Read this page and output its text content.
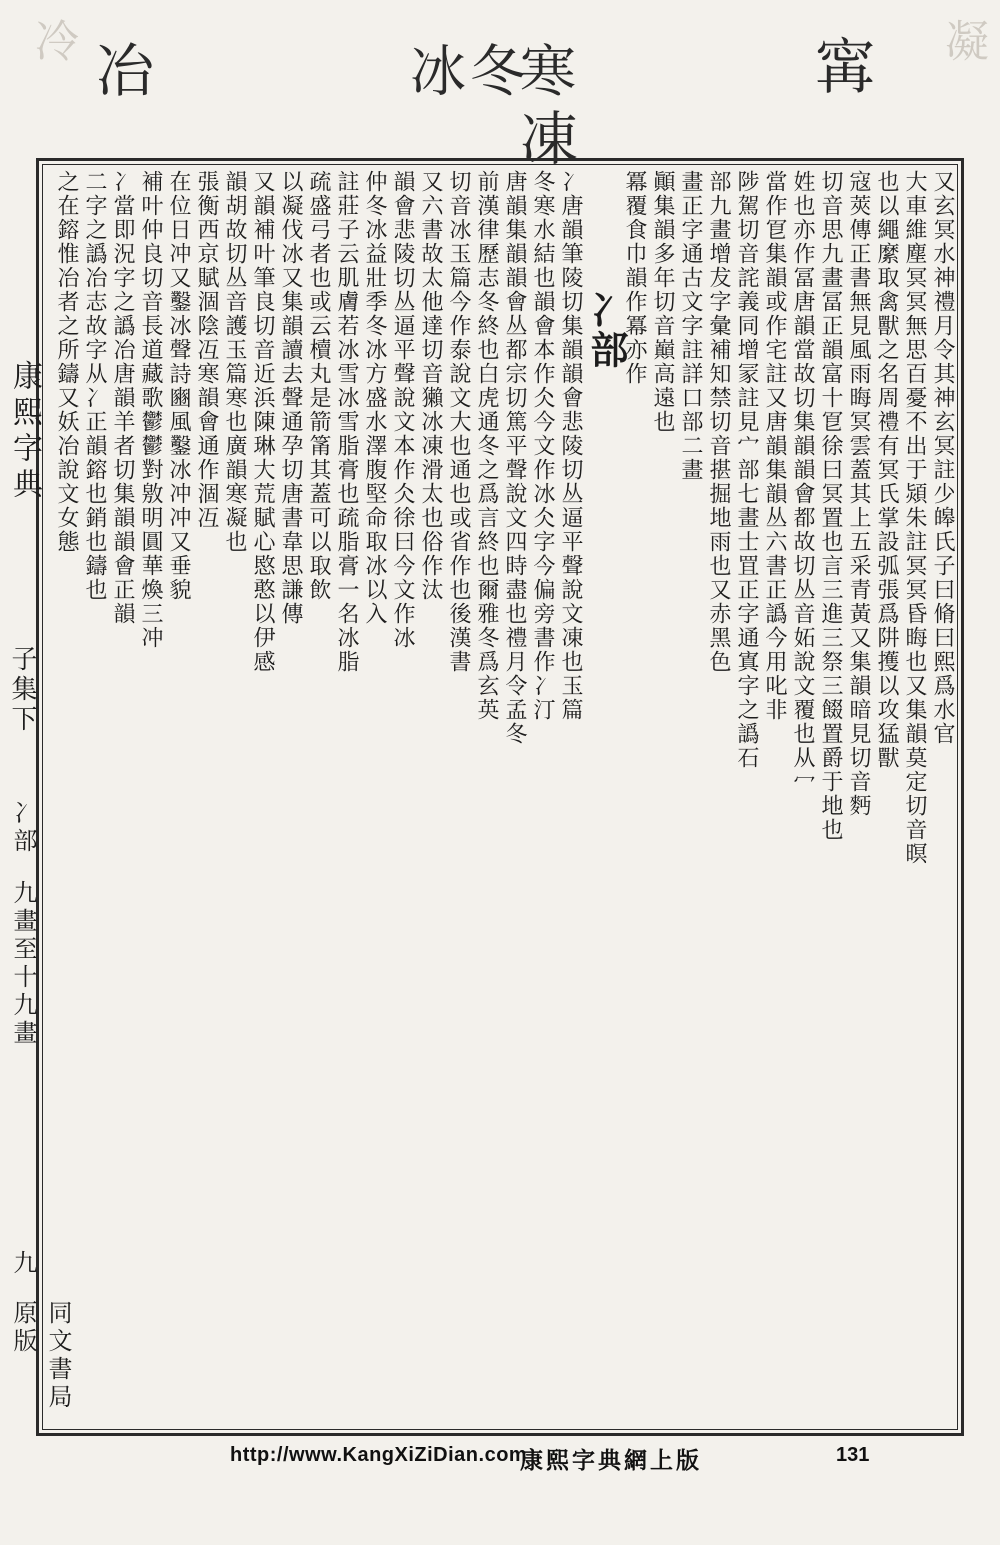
𡩋
冰 冬
寒
凍
冶
冷	凝
康熙字典
子集下
冫部
九畫至十九畫
九
同文書局原版
又玄冥水神禮月令其神玄冥註少皞氏子曰脩曰熙爲水官
大車維塵冥冥無思百憂不出于熲朱註冥冥昏晦也又集韻莫定切音暝
也以繩縻取禽獸之名周禮有冥氏掌設弧張爲阱擭以攻猛獸
寇莢傳正書無見風雨晦冥雲蓋其上五采青黃又集韻暗見切音麪
切音思九畫冨正韻富十冟徐曰冥置也言三進三祭三餟置爵于地也
姓也亦作冨唐韻當故切集韻韻會都故切丛音妬說文覆也从冖
當作冟集韻或作宅註又唐韻集韻丛六書正譌今用叱非
陟駕切音詫義同增冡註見宀部七畫士罝正字通寘字之譌石
部九畫增犮字彙補知禁切音揕掘地雨也又赤黑色
畫正字通古文字註詳口部二畫
顚集韻多年切音巔高遠也
冪覆食巾韻作冪亦作
冫部
冫唐韻筆陵切集韻韻會悲陵切丛逼平聲說文凍也玉篇
冬寒水結也韻會本作仌今文作冰仌字今偏旁書作冫汀
唐韻集韻韻會丛都宗切篤平聲說文四時盡也禮月令孟冬
前漢律歷志冬終也白虎通冬之爲言終也爾雅冬爲玄英
切音冰玉篇今作泰說文大也通也或省作也後漢書
又六書故太他達切音獺冰凍滑太也俗作汰
韻會悲陵切丛逼平聲說文本作仌徐曰今文作冰
仲冬冰益壯季冬冰方盛水澤腹堅命取冰以入
註莊子云肌膚若冰雪冰雪脂膏也疏脂膏一名冰脂
疏盛弓者也或云櫝丸是箭筩其蓋可以取飲
以凝伐冰又集韻讀去聲通孕切唐書韋思謙傳
又韻補叶筆良切音近浜陳琳大荒賦心愍憨以伊感
韻胡故切丛音護玉篇寒也廣韻寒凝也
張衡西京賦涸陰冱寒韻會通作涸冱
在位日冲又鑿冰聲詩豳風鑿冰冲冲又垂貌
補叶仲良切音長道藏歌鬱鬱對敫明圓華煥三冲
冫當即況字之譌冶唐韻羊者切集韻韻會正韻
二字之譌冶志故字从冫正韻鎔也銷也鑄也
之在鎔惟冶者之所鑄又妖冶說文女態
http://www.KangXiZiDian.com
康熙字典網上版	131
